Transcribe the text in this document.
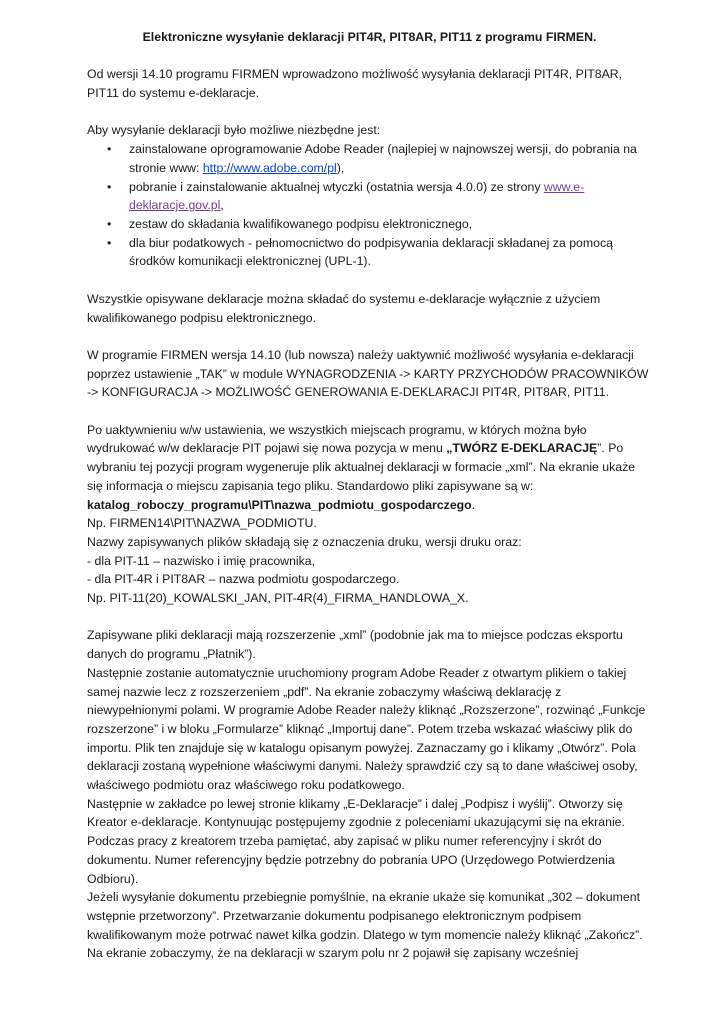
Elektroniczne wysyłanie deklaracji PIT4R, PIT8AR, PIT11 z programu FIRMEN.

Od wersji 14.10 programu FIRMEN wprowadzono możliwość wysyłania deklaracji PIT4R, PIT8AR, PIT11 do systemu e-deklaracje.

Aby wysyłanie deklaracji było możliwe niezbędne jest:

• zainstalowane oprogramowanie Adobe Reader (najlepiej w najnowszej wersji, do pobrania na stronie www: http://www.adobe.com/pl),
• pobranie i zainstalowanie aktualnej wtyczki (ostatnia wersja 4.0.0) ze strony www.e-deklaracje.gov.pl,
• zestaw do składania kwalifikowanego podpisu elektronicznego,
• dla biur podatkowych - pełnomocnictwo do podpisywania deklaracji składanej za pomocą środków komunikacji elektronicznej (UPL-1).

Wszystkie opisywane deklaracje można składać do systemu e-deklaracje wyłącznie z użyciem kwalifikowanego podpisu elektronicznego.

W programie FIRMEN wersja 14.10 (lub nowsza) należy uaktywnić możliwość wysyłania e-deklaracji poprzez ustawienie „TAK” w module WYNAGRODZENIA -> KARTY PRZYCHODÓW PRACOWNIKÓW -> KONFIGURACJA -> MOŻLIWOŚĆ GENEROWANIA E-DEKLARACJI PIT4R, PIT8AR, PIT11.

Po uaktywnieniu w/w ustawienia, we wszystkich miejscach programu, w których można było wydrukować w/w deklaracje PIT pojawi się nowa pozycja w menu „TWÓRZ E-DEKLARACJĘ”. Po wybraniu tej pozycji program wygeneruje plik aktualnej deklaracji w formacie „xml”. Na ekranie ukaże się informacja o miejscu zapisania tego pliku. Standardowo pliki zapisywane są w: katalog_roboczy_programu\PIT\nazwa_podmiotu_gospodarczego.

Np. FIRMEN14\PIT\NAZWA_PODMIOTU.

Nazwy zapisywanych plików składają się z oznaczenia druku, wersji druku oraz:

- dla PIT-11 – nazwisko i imię pracownika,

- dla PIT-4R i PIT8AR – nazwa podmiotu gospodarczego.

Np. PIT-11(20)_KOWALSKI_JAN, PIT-4R(4)_FIRMA_HANDLOWA_X.

Zapisywane pliki deklaracji mają rozszerzenie „xml” (podobnie jak ma to miejsce podczas eksportu danych do programu „Płatnik”).

Następnie zostanie automatycznie uruchomiony program Adobe Reader z otwartym plikiem o takiej samej nazwie lecz z rozszerzeniem „pdf”. Na ekranie zobaczymy właściwą deklarację z niewypełnionymi polami. W programie Adobe Reader należy kliknąć „Rozszerzone”, rozwinąć „Funkcje rozszerzone” i w bloku „Formularze” kliknąć „Importuj dane”. Potem trzeba wskazać właściwy plik do importu. Plik ten znajduje się w katalogu opisanym powyżej. Zaznaczamy go i klikamy „Otwórz”. Pola deklaracji zostaną wypełnione właściwymi danymi. Należy sprawdzić czy są to dane właściwej osoby, właściwego podmiotu oraz właściwego roku podatkowego.

Następnie w zakładce po lewej stronie klikamy „E-Deklaracje” i dalej „Podpisz i wyślij”. Otworzy się Kreator e-deklaracje. Kontynuując postępujemy zgodnie z poleceniami ukazującymi się na ekranie. Podczas pracy z kreatorem trzeba pamiętać, aby zapisać w pliku numer referencyjny i skrót do dokumentu. Numer referencyjny będzie potrzebny do pobrania UPO (Urzędowego Potwierdzenia Odbioru).

Jeżeli wysyłanie dokumentu przebiegnie pomyślnie, na ekranie ukaże się komunikat „302 – dokument wstępnie przetworzony”. Przetwarzanie dokumentu podpisanego elektronicznym podpisem kwalifikowanym może potrwać nawet kilka godzin. Dlatego w tym momencie należy kliknąć „Zakończ”. Na ekranie zobaczymy, że na deklaracji w szarym polu nr 2 pojawił się zapisany wcześniej
